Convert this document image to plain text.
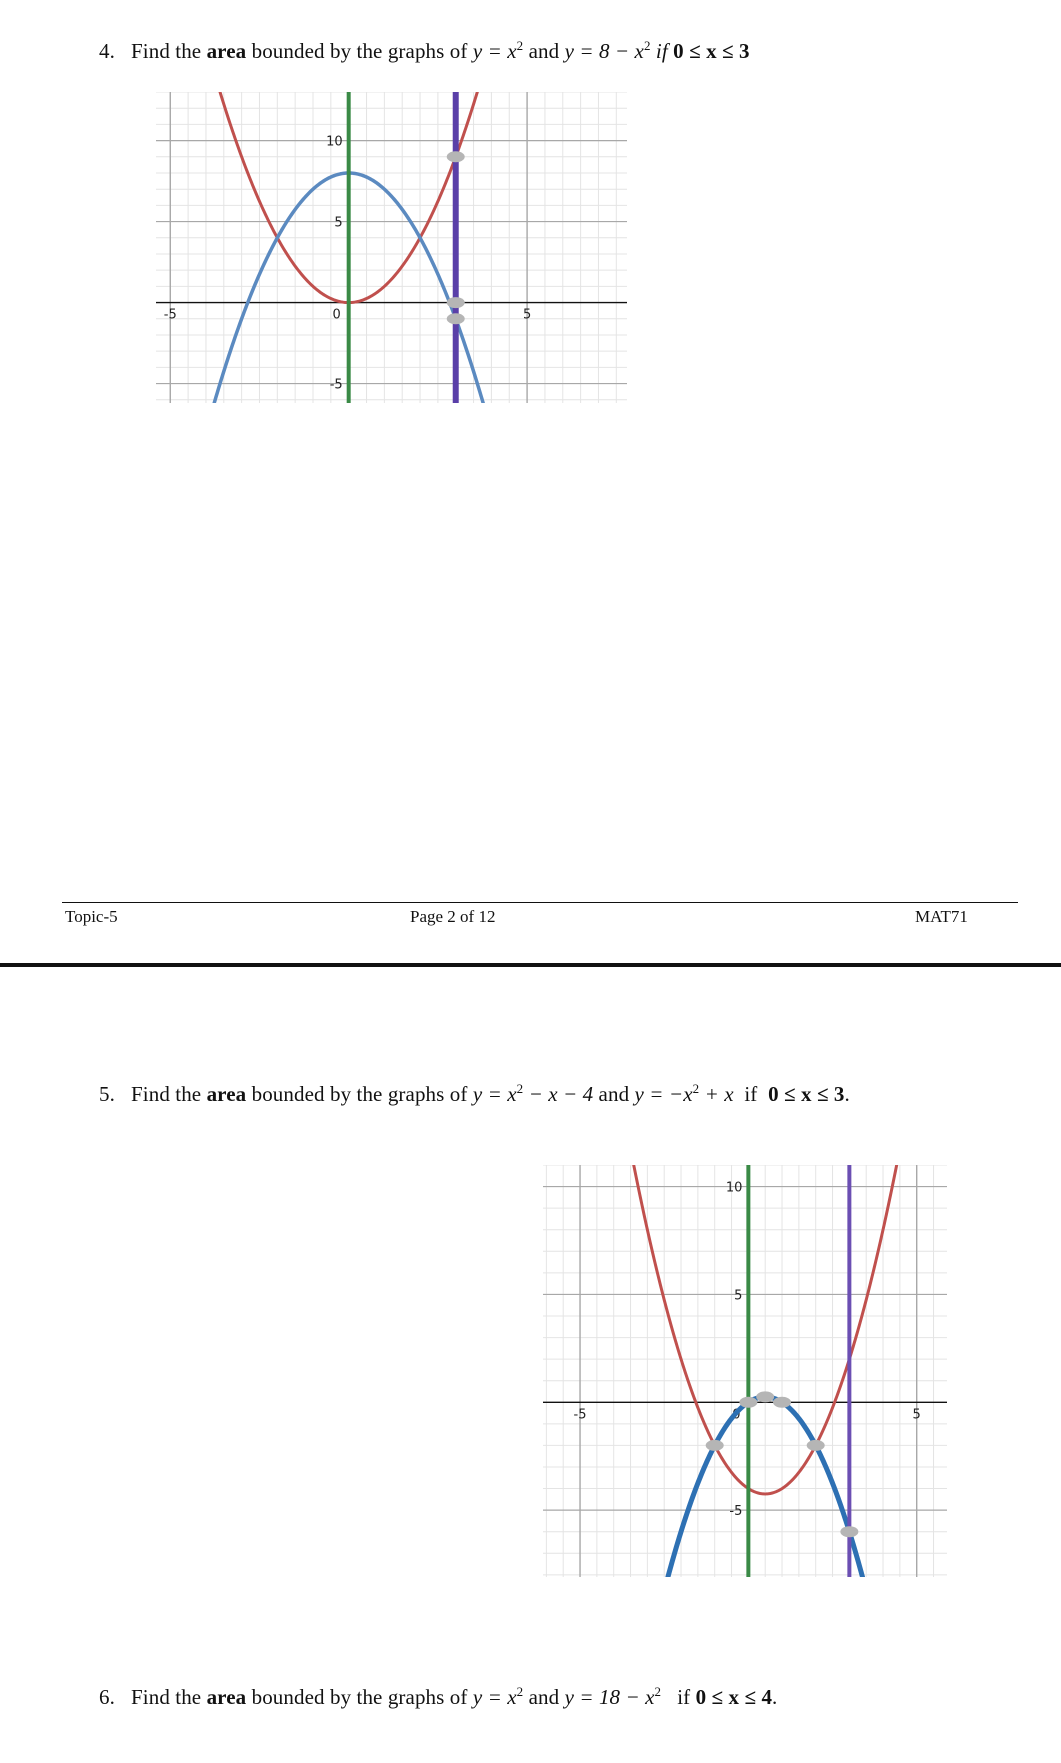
4. Find the area bounded by the graphs of $y = x^2$ and $y = 8 - x^2$ if 0 ≤ x ≤ 3
-5	0	5
10
5
-5
Topic-5	Page 2 of 12	MAT71
5. Find the area bounded by the graphs of $y = x^2 - x - 4$ and $y = -x^2 + x$  if  0 ≤ x ≤ 3.
-5	0	5
10
5
-5
6. Find the area bounded by the graphs of $y = x^2$ and $y = 18 - x^2$   if 0 ≤ x ≤ 4.
